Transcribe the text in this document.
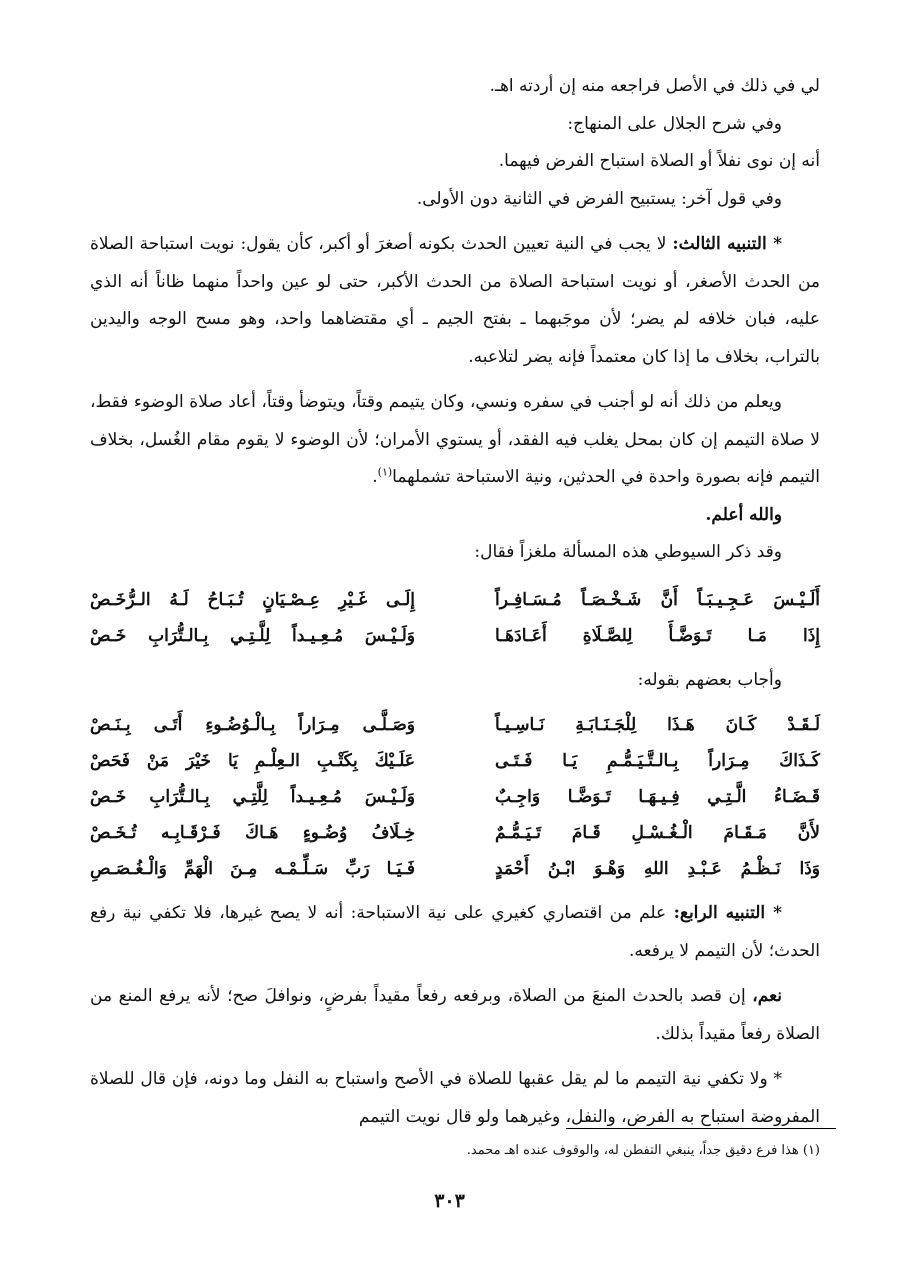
لي في ذلك في الأصل فراجعه منه إن أردته اهـ.

وفي شرح الجلال على المنهاج:

أنه إن نوى نفلاً أو الصلاة استباح الفرض فيهما.

وفي قول آخر: يستبيح الفرض في الثانية دون الأولى.

* التنبيه الثالث: لا يجب في النية تعيين الحدث بكونه أصغرَ أو أكبر، كأن يقول: نويت استباحة الصلاة من الحدث الأصغر، أو نويت استباحة الصلاة من الحدث الأكبر، حتى لو عين واحداً منهما ظاناً أنه الذي عليه، فبان خلافه لم يضر؛ لأن موجَبهما ـ بفتح الجيم ـ أي مقتضاهما واحد، وهو مسح الوجه واليدين بالتراب، بخلاف ما إذا كان معتمداً فإنه يضر لتلاعبه.

ويعلم من ذلك أنه لو أجنب في سفره ونسي، وكان يتيمم وقتاً، ويتوضأ وقتاً، أعاد صلاة الوضوء فقط، لا صلاة التيمم إن كان بمحل يغلب فيه الفقد، أو يستوي الأمران؛ لأن الوضوء لا يقوم مقام الغُسل، بخلاف التيمم فإنه بصورة واحدة في الحدثين، ونية الاستباحة تشملهما$^{(١)}$.

والله أعلم.

وقد ذكر السيوطي هذه المسألة ملغزاً فقال:

أَلَـيْـسَ عَـجِـيـبَـاً أَنَّ شَـخْـصَـاً مُـسَـافِـراً
إِلَـى غَـيْرِ عِـصْـيَانٍ تُـبَـاحُ لَـهُ الـرُّخَـصْ
إِذَا مَـا تَـوَضَّـأَ لِلصَّـلَاةِ أَعَـادَهَـا
وَلَـيْـسَ مُـعِـيـداً لِلَّـتِـي بِـالـتُّرَابِ خَـصْ

وأجاب بعضهم بقوله:

لَـقَـدْ كَـانَ هَـذَا لِلْجَـنَـابَـةِ نَـاسِـيـاً
وَصَـلَّـى مِـرَاراً بِـالْـوُضُـوءِ أَتَـى بِـنَـصْ
كَـذَاكَ مِـرَاراً بِـالـتَّـيَـمُّـمِ يَـا فَـتَـى
عَلَـيْكَ بِكَتْـبِ الـعِلْـمِ يَا خَيْرَ مَنْ فَحَصْ
قَـضَـاءُ الَّـتِـي فِـيـهَـا تَـوَضَّـا وَاجِـبٌ
وَلَـيْـسَ مُـعِـيـداً لِلَّتِـي بِـالـتُّرَابِ خَـصْ
لأَنَّ مَـقَـامَ الْـغُـسْـلِ قَـامَ تَـيَـمُّـمٌ
خِـلَافُ وُضُـوءٍ هَـاكَ فَـرْقَـابِـه تُـخَـصْ
وَذَا نَـظْـمُ عَـبْـدِ اللهِ وَهْـوَ ابْـنُ أَحْمَدٍ
فَـيَـا رَبِّ سَـلِّـمْـه مِـنَ الْهَمِّ وَالْـغُـصَـصِ

* التنبيه الرابع: علم من اقتصاري كغيري على نية الاستباحة: أنه لا يصح غيرها، فلا تكفي نية رفع الحدث؛ لأن التيمم لا يرفعه.

نعم، إن قصد بالحدث المنعَ من الصلاة، وبرفعه رفعاً مقيداً بفرضٍ، ونوافلَ صح؛ لأنه يرفع المنع من الصلاة رفعاً مقيداً بذلك.

* ولا تكفي نية التيمم ما لم يقل عقبها للصلاة في الأصح واستباح به النفل وما دونه، فإن قال للصلاة المفروضة استباح به الفرض، والنفل، وغيرهما ولو قال نويت التيمم

(١) هذا فرع دقيق جداً، ينبغي التفطن له، والوقوف عنده اهـ محمد.
٣٠٣
